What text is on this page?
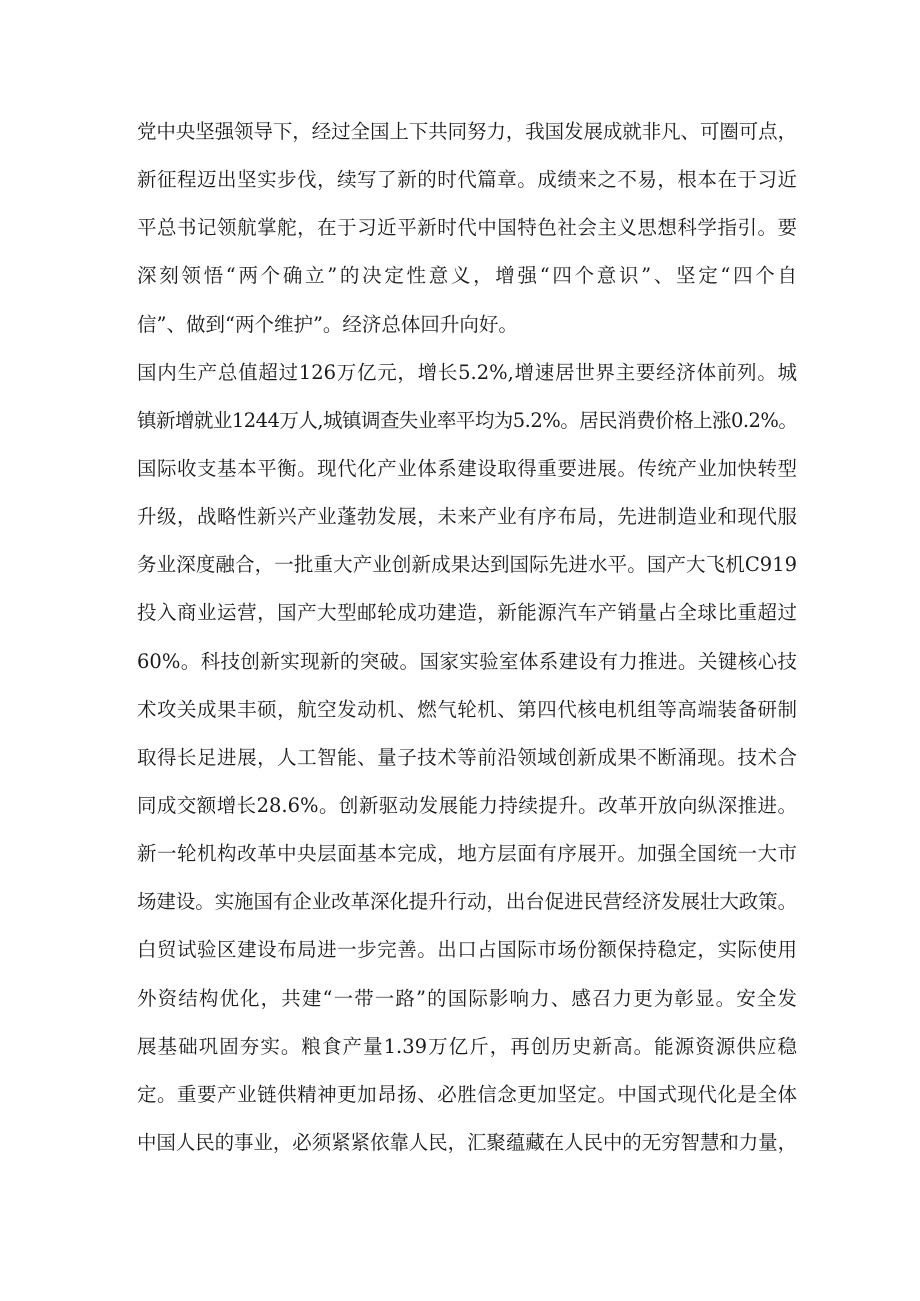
党中央坚强领导下，经过全国上下共同努力，我国发展成就非凡、可圈可点，
新征程迈出坚实步伐，续写了新的时代篇章。成绩来之不易，根本在于习近
平总书记领航掌舵，在于习近平新时代中国特色社会主义思想科学指引。要
深刻领悟“两个确立”的决定性意义，增强“四个意识”、坚定“四个自
信”、做到“两个维护”。经济总体回升向好。
国内生产总值超过126万亿元，增长5.2%,增速居世界主要经济体前列。城
镇新增就业1244万人,城镇调查失业率平均为5.2%。居民消费价格上涨0.2%。
国际收支基本平衡。现代化产业体系建设取得重要进展。传统产业加快转型
升级，战略性新兴产业蓬勃发展，未来产业有序布局，先进制造业和现代服
务业深度融合，一批重大产业创新成果达到国际先进水平。国产大飞机C919
投入商业运营，国产大型邮轮成功建造，新能源汽车产销量占全球比重超过
60%。科技创新实现新的突破。国家实验室体系建设有力推进。关键核心技
术攻关成果丰硕，航空发动机、燃气轮机、第四代核电机组等高端装备研制
取得长足进展，人工智能、量子技术等前沿领域创新成果不断涌现。技术合
同成交额增长28.6%。创新驱动发展能力持续提升。改革开放向纵深推进。
新一轮机构改革中央层面基本完成，地方层面有序展开。加强全国统一大市
场建设。实施国有企业改革深化提升行动，出台促进民营经济发展壮大政策。
白贸试验区建设布局进一步完善。出口占国际市场份额保持稳定，实际使用
外资结构优化，共建“一带一路”的国际影响力、感召力更为彰显。安全发
展基础巩固夯实。粮食产量1.39万亿斤，再创历史新高。能源资源供应稳
定。重要产业链供精神更加昂扬、必胜信念更加坚定。中国式现代化是全体
中国人民的事业，必须紧紧依靠人民，汇聚蕴藏在人民中的无穷智慧和力量，
